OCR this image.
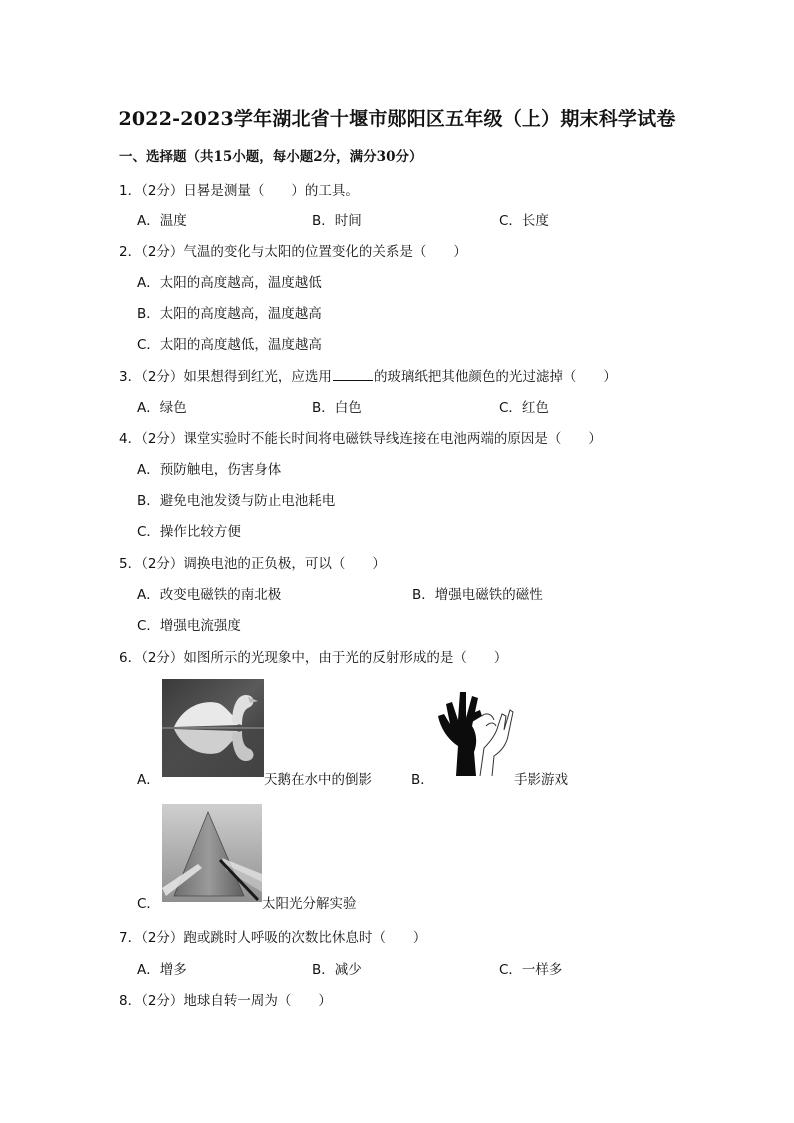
2022-2023学年湖北省十堰市郧阳区五年级（上）期末科学试卷
一、选择题（共15小题，每小题2分，满分30分）
1．（2分）日晷是测量（　　）的工具。
A．温度	B．时间	C．长度
2．（2分）气温的变化与太阳的位置变化的关系是（　　）
A．太阳的高度越高，温度越低
B．太阳的高度越高，温度越高
C．太阳的高度越低，温度越高
3．（2分）如果想得到红光，应选用	的玻璃纸把其他颜色的光过滤掉（　　）
A．绿色	B．白色	C．红色
4．（2分）课堂实验时不能长时间将电磁铁导线连接在电池两端的原因是（　　）
A．预防触电，伤害身体
B．避免电池发烫与防止电池耗电
C．操作比较方便
5．（2分）调换电池的正负极，可以（　　）
A．改变电磁铁的南北极	B．增强电磁铁的磁性
C．增强电流强度
6．（2分）如图所示的光现象中，由于光的反射形成的是（　　）
A．	天鹅在水中的倒影	B．	手影游戏
C．	太阳光分解实验
7．（2分）跑或跳时人呼吸的次数比休息时（　　）
A．增多	B．减少	C．一样多
8．（2分）地球自转一周为（　　）
